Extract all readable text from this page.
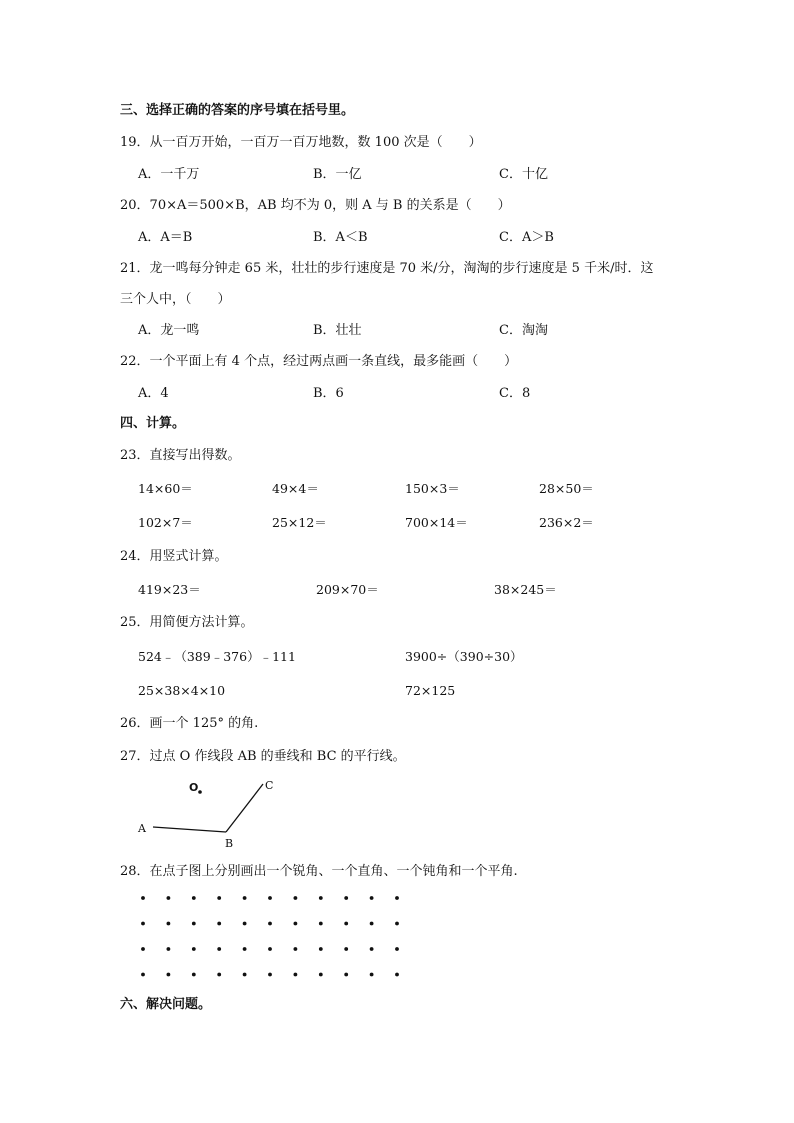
三、选择正确的答案的序号填在括号里。
19．从一百万开始，一百万一百万地数，数 100 次是（　　）
A．一千万	B．一亿	C．十亿
20．70×A＝500×B，AB 均不为 0，则 A 与 B 的关系是（　　）
A．A＝B	B．A＜B	C．A＞B
21．龙一鸣每分钟走 65 米，壮壮的步行速度是 70 米/分，淘淘的步行速度是 5 千米/时．这
三个人中，（　　）
A．龙一鸣	B．壮壮	C．淘淘
22．一个平面上有 4 个点，经过两点画一条直线，最多能画（　　）
A．4	B．6	C．8
四、计算。
23．直接写出得数。
14×60＝	49×4＝	150×3＝	28×50＝
102×7＝	25×12＝	700×14＝	236×2＝
24．用竖式计算。
419×23＝	209×70＝	38×245＝
25．用简便方法计算。
524﹣（389﹣376）﹣111	3900÷（390÷30）
25×38×4×10	72×125
26．画一个 125° 的角.
27．过点 O 作线段 AB 的垂线和 BC 的平行线。
O
A
B
C
28．在点子图上分别画出一个锐角、一个直角、一个钝角和一个平角.
六、解决问题。
